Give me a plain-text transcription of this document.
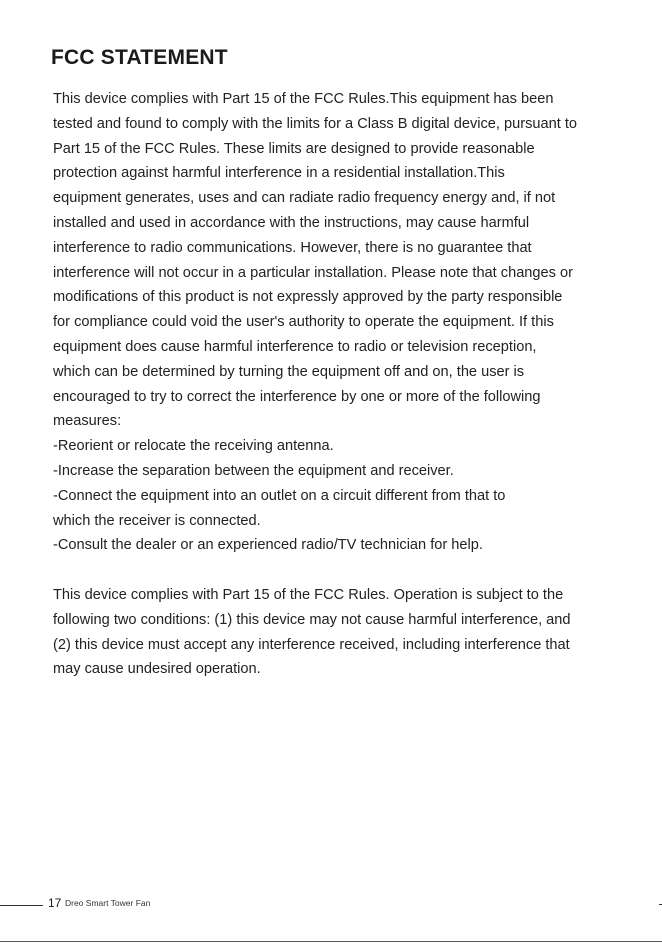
FCC STATEMENT
This device complies with Part 15 of the FCC Rules.This equipment has been
tested and found to comply with the limits for a Class B digital device, pursuant to
Part 15 of the FCC Rules. These limits are designed to provide reasonable
protection against harmful interference in a residential installation.This
equipment generates, uses and can radiate radio frequency energy and, if not
installed and used in accordance with the instructions, may cause harmful
interference to radio communications. However, there is no guarantee that
interference will not occur in a particular installation. Please note that changes or
modifications of this product is not expressly approved by the party responsible
for compliance could void the user's authority to operate the equipment. If this
equipment does cause harmful interference to radio or television reception,
which can be determined by turning the equipment off and on, the user is
encouraged to try to correct the interference by one or more of the following
measures:
-Reorient or relocate the receiving antenna.
-Increase the separation between the equipment and receiver.
-Connect the equipment into an outlet on a circuit different from that to
which the receiver is connected.
-Consult the dealer or an experienced radio/TV technician for help.
This device complies with Part 15 of the FCC Rules. Operation is subject to the
following two conditions: (1) this device may not cause harmful interference, and
(2) this device must accept any interference received, including interference that
may cause undesired operation.
17 Dreo Smart Tower Fan
